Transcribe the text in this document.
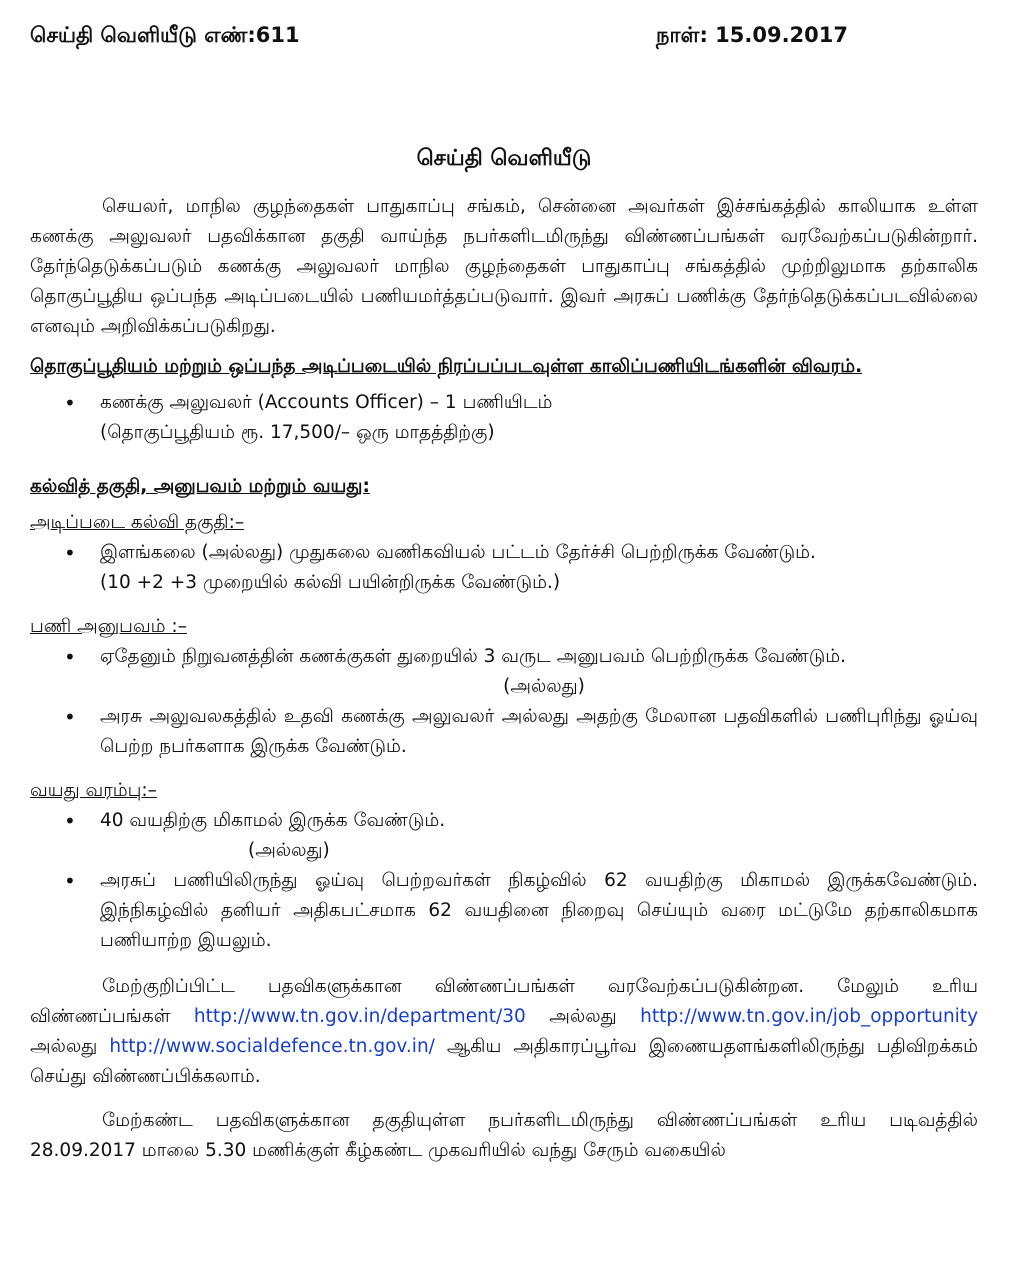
செய்தி வெளியீடு எண்:611	நாள்: 15.09.2017
செய்தி வெளியீடு

செயலர், மாநில குழந்தைகள் பாதுகாப்பு சங்கம், சென்னை அவர்கள் இச்சங்கத்தில் காலியாக உள்ள கணக்கு அலுவலர் பதவிக்கான தகுதி வாய்ந்த நபர்களிடமிருந்து விண்ணப்பங்கள் வரவேற்கப்படுகின்றார். தேர்ந்தெடுக்கப்படும் கணக்கு அலுவலர் மாநில குழந்தைகள் பாதுகாப்பு சங்கத்தில் முற்றிலுமாக தற்காலிக தொகுப்பூதிய ஒப்பந்த அடிப்படையில் பணியமர்த்தப்படுவார். இவர் அரசுப் பணிக்கு தேர்ந்தெடுக்கப்படவில்லை எனவும் அறிவிக்கப்படுகிறது.

தொகுப்பூதியம் மற்றும் ஒப்பந்த அடிப்படையில் நிரப்பப்படவுள்ள காலிப்பணியிடங்களின் விவரம்.
• கணக்கு அலுவலர் (Accounts Officer) – 1 பணியிடம்
(தொகுப்பூதியம் ரூ. 17,500/– ஒரு மாதத்திற்கு)
கல்வித் தகுதி, அனுபவம் மற்றும் வயது:
அடிப்படை கல்வி தகுதி:–
• இளங்கலை (அல்லது) முதுகலை வணிகவியல் பட்டம் தேர்ச்சி பெற்றிருக்க வேண்டும்.
(10 +2 +3 முறையில் கல்வி பயின்றிருக்க வேண்டும்.)
பணி அனுபவம் :–
• ஏதேனும் நிறுவனத்தின் கணக்குகள் துறையில் 3 வருட அனுபவம் பெற்றிருக்க வேண்டும்.
(அல்லது)
• அரசு அலுவலகத்தில் உதவி கணக்கு அலுவலர் அல்லது அதற்கு மேலான பதவிகளில் பணிபுரிந்து ஓய்வு பெற்ற நபர்களாக இருக்க வேண்டும்.
வயது வரம்பு:–
• 40 வயதிற்கு மிகாமல் இருக்க வேண்டும்.
(அல்லது)
• அரசுப் பணியிலிருந்து ஓய்வு பெற்றவர்கள் நிகழ்வில் 62 வயதிற்கு மிகாமல் இருக்கவேண்டும். இந்நிகழ்வில் தனியர் அதிகபட்சமாக 62 வயதினை நிறைவு செய்யும் வரை மட்டுமே தற்காலிகமாக பணியாற்ற இயலும்.

மேற்குறிப்பிட்ட பதவிகளுக்கான விண்ணப்பங்கள் வரவேற்கப்படுகின்றன. மேலும் உரிய விண்ணப்பங்கள் http://www.tn.gov.in/department/30 அல்லது http://www.tn.gov.in/job_opportunity அல்லது http://www.socialdefence.tn.gov.in/ ஆகிய அதிகாரப்பூர்வ இணையதளங்களிலிருந்து பதிவிறக்கம் செய்து விண்ணப்பிக்கலாம்.

மேற்கண்ட பதவிகளுக்கான தகுதியுள்ள நபர்களிடமிருந்து விண்ணப்பங்கள் உரிய படிவத்தில் 28.09.2017 மாலை 5.30 மணிக்குள் கீழ்கண்ட முகவரியில் வந்து சேரும் வகையில்
